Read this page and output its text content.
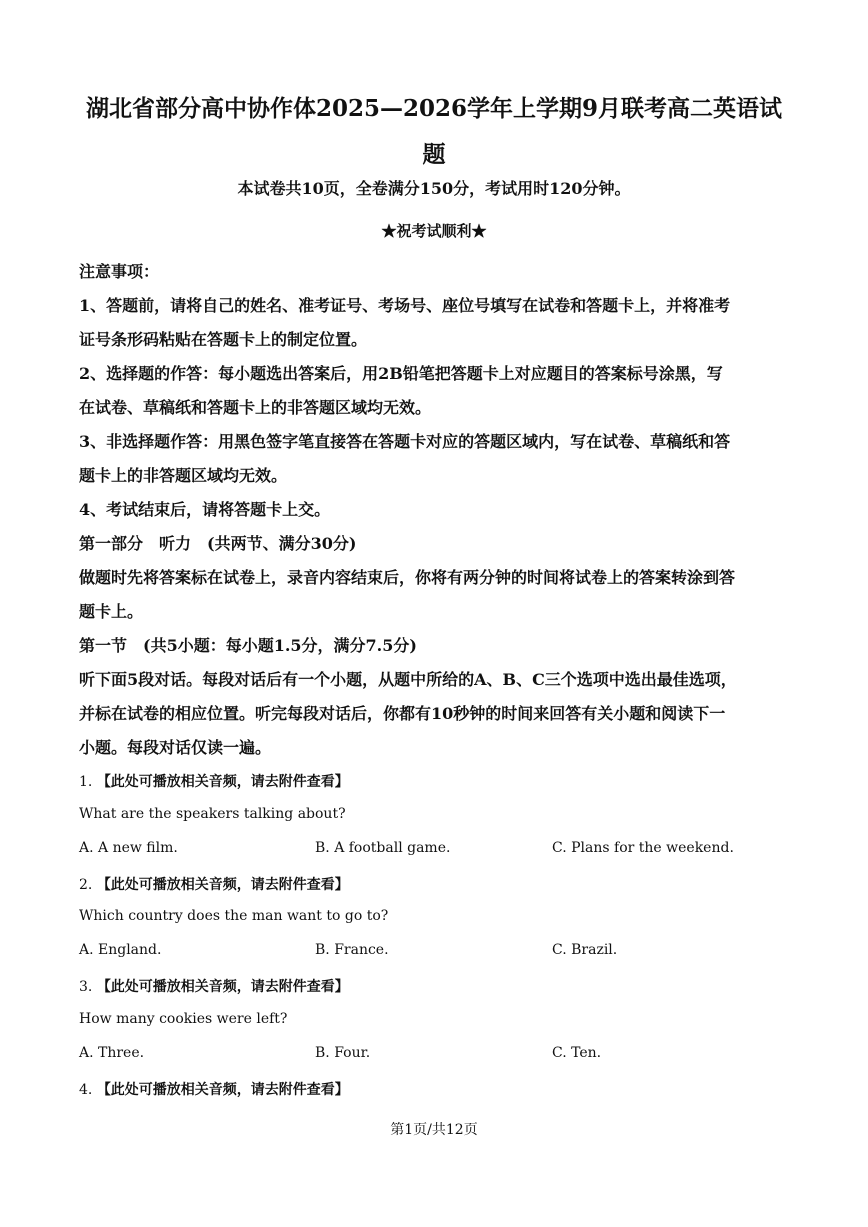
湖北省部分高中协作体2025—2026学年上学期9月联考高二英语试
题
本试卷共10页，全卷满分150分，考试用时120分钟。
★祝考试顺利★
注意事项：
1、答题前，请将自己的姓名、准考证号、考场号、座位号填写在试卷和答题卡上，并将准考
证号条形码粘贴在答题卡上的制定位置。
2、选择题的作答：每小题选出答案后，用2B铅笔把答题卡上对应题目的答案标号涂黑，写
在试卷、草稿纸和答题卡上的非答题区域均无效。
3、非选择题作答：用黑色签字笔直接答在答题卡对应的答题区域内，写在试卷、草稿纸和答
题卡上的非答题区域均无效。
4、考试结束后，请将答题卡上交。
第一部分　听力　(共两节、满分30分)
做题时先将答案标在试卷上，录音内容结束后，你将有两分钟的时间将试卷上的答案转涂到答
题卡上。
第一节　(共5小题：每小题1.5分，满分7.5分)
听下面5段对话。每段对话后有一个小题，从题中所给的A、B、C三个选项中选出最佳选项，
并标在试卷的相应位置。听完每段对话后，你都有10秒钟的时间来回答有关小题和阅读下一
小题。每段对话仅读一遍。
1. 【此处可播放相关音频，请去附件查看】
What are the speakers talking about?
A. A new film.	B. A football game.	C. Plans for the weekend.
2. 【此处可播放相关音频，请去附件查看】
Which country does the man want to go to?
A. England.	B. France.	C. Brazil.
3. 【此处可播放相关音频，请去附件查看】
How many cookies were left?
A. Three.	B. Four.	C. Ten.
4. 【此处可播放相关音频，请去附件查看】
第1页/共12页
